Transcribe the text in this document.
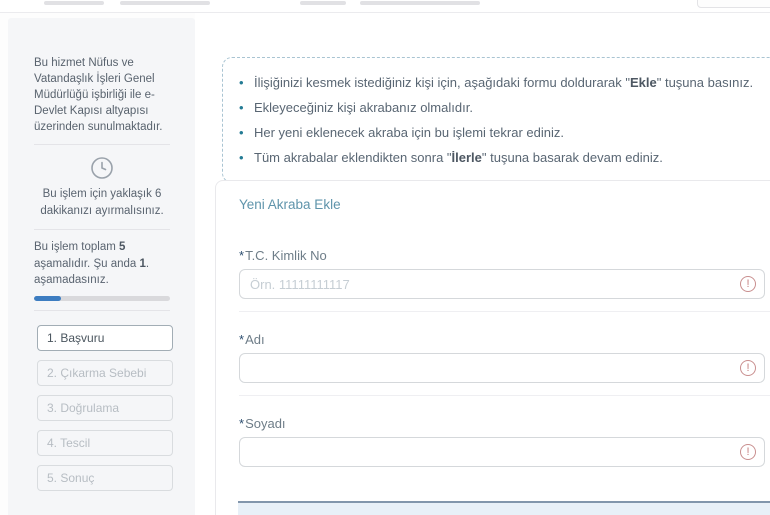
Bu hizmet Nüfus ve Vatandaşlık İşleri Genel Müdürlüğü işbirliği ile e-Devlet Kapısı altyapısı üzerinden sunulmaktadır.

Bu işlem için yaklaşık 6 dakikanızı ayırmalısınız.

Bu işlem toplam 5 aşamalıdır. Şu anda 1. aşamadasınız.

1. Başvuru
2. Çıkarma Sebebi
3. Doğrulama
4. Tescil
5. Sonuç
• İlişiğinizi kesmek istediğiniz kişi için, aşağıdaki formu doldurarak "Ekle" tuşuna basınız.
• Ekleyeceğiniz kişi akrabanız olmalıdır.
• Her yeni eklenecek akraba için bu işlemi tekrar ediniz.
• Tüm akrabalar eklendikten sonra "İlerle" tuşuna basarak devam ediniz.
Yeni Akraba Ekle
*T.C. Kimlik No
Örn. 11111111117
!
*Adı
!
*Soyadı
!
